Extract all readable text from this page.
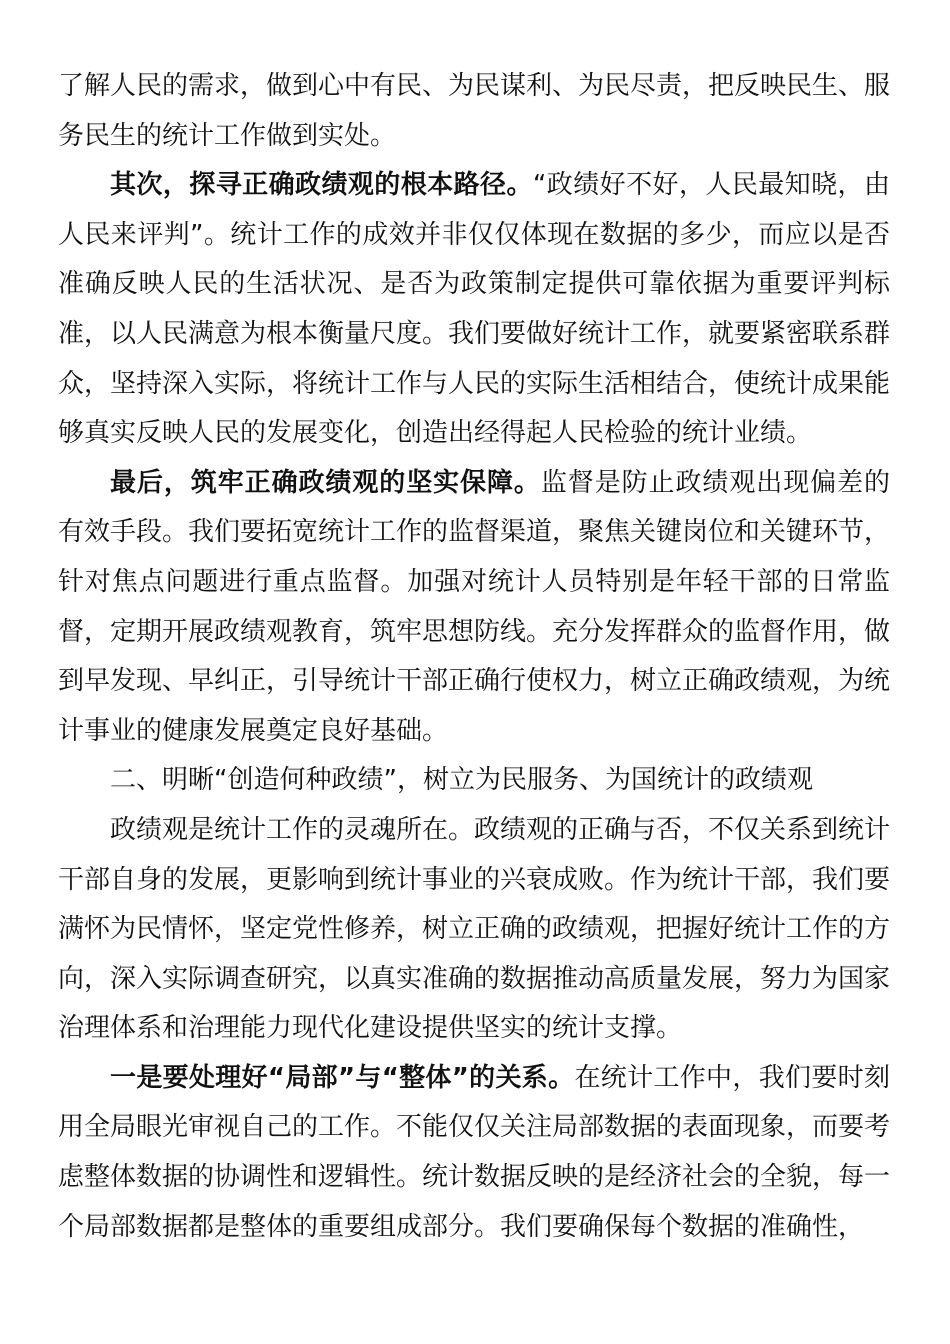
了解人民的需求，做到心中有民、为民谋利、为民尽责，把反映民生、服务民生的统计工作做到实处。

其次，探寻正确政绩观的根本路径。“政绩好不好，人民最知晓，由人民来评判”。统计工作的成效并非仅仅体现在数据的多少，而应以是否准确反映人民的生活状况、是否为政策制定提供可靠依据为重要评判标准，以人民满意为根本衡量尺度。我们要做好统计工作，就要紧密联系群众，坚持深入实际，将统计工作与人民的实际生活相结合，使统计成果能够真实反映人民的发展变化，创造出经得起人民检验的统计业绩。

最后，筑牢正确政绩观的坚实保障。监督是防止政绩观出现偏差的有效手段。我们要拓宽统计工作的监督渠道，聚焦关键岗位和关键环节，针对焦点问题进行重点监督。加强对统计人员特别是年轻干部的日常监督，定期开展政绩观教育，筑牢思想防线。充分发挥群众的监督作用，做到早发现、早纠正，引导统计干部正确行使权力，树立正确政绩观，为统计事业的健康发展奠定良好基础。

二、明晰“创造何种政绩”，树立为民服务、为国统计的政绩观

政绩观是统计工作的灵魂所在。政绩观的正确与否，不仅关系到统计干部自身的发展，更影响到统计事业的兴衰成败。作为统计干部，我们要满怀为民情怀，坚定党性修养，树立正确的政绩观，把握好统计工作的方向，深入实际调查研究，以真实准确的数据推动高质量发展，努力为国家治理体系和治理能力现代化建设提供坚实的统计支撑。

一是要处理好“局部”与“整体”的关系。在统计工作中，我们要时刻用全局眼光审视自己的工作。不能仅仅关注局部数据的表面现象，而要考虑整体数据的协调性和逻辑性。统计数据反映的是经济社会的全貌，每一个局部数据都是整体的重要组成部分。我们要确保每个数据的准确性，
